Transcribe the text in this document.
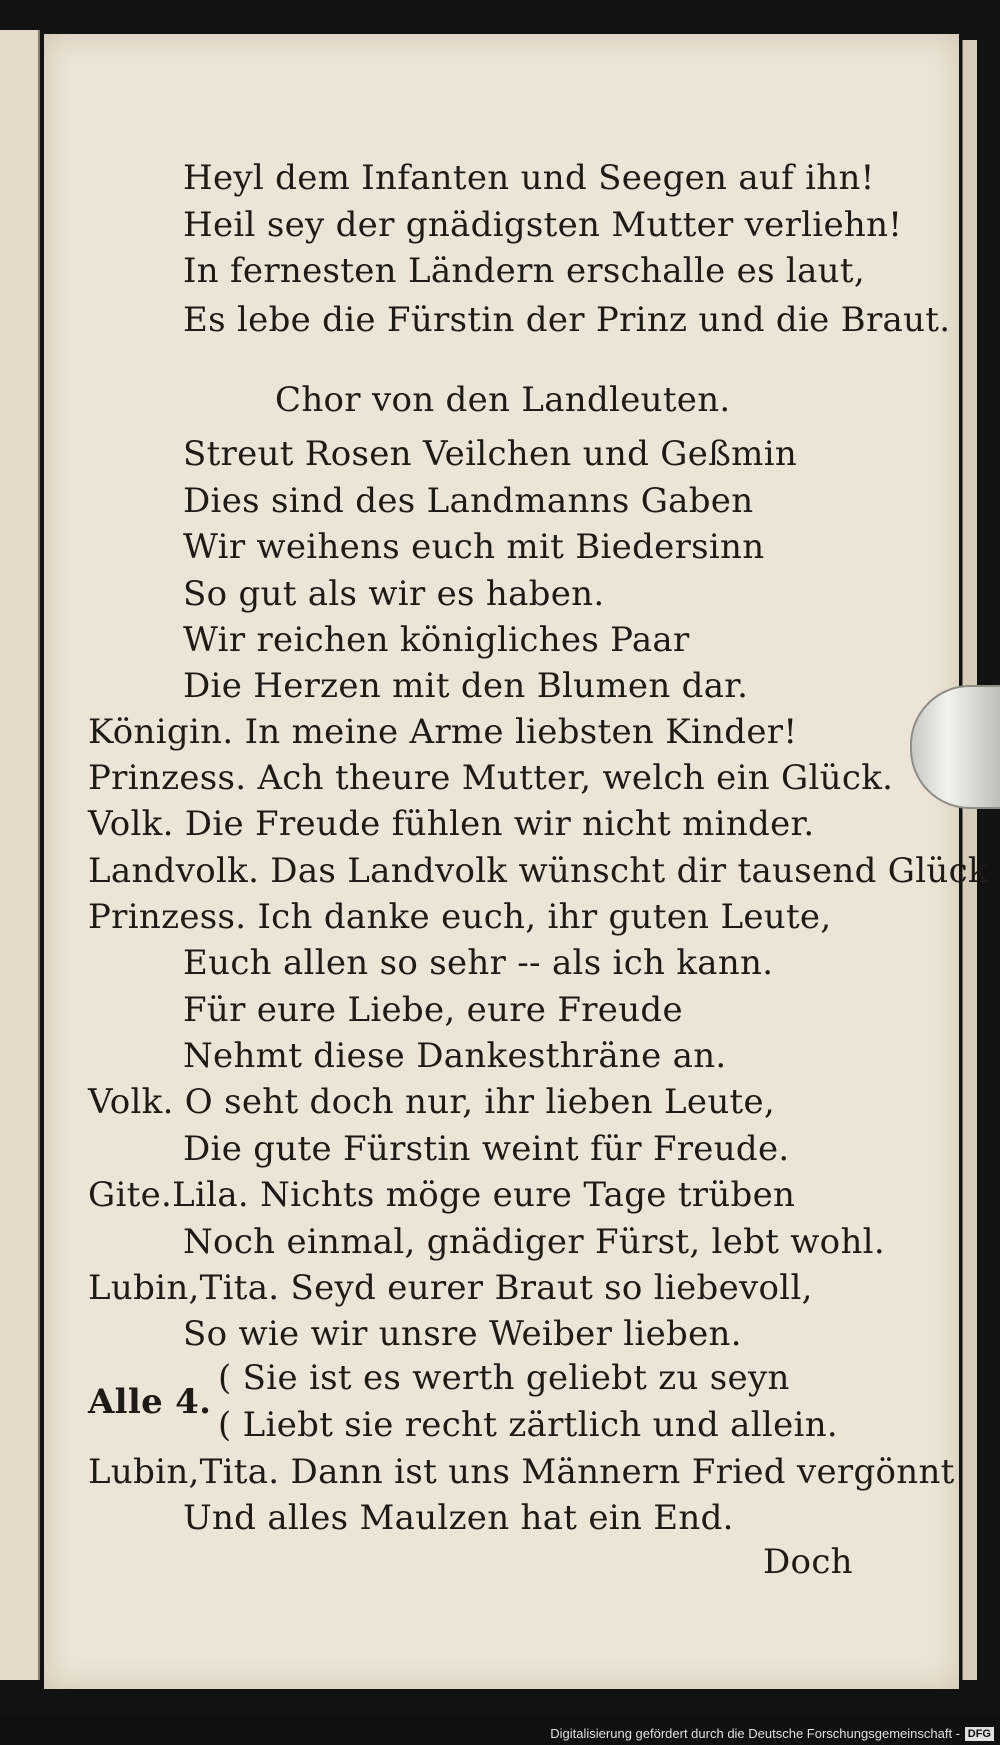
Heyl dem Infanten und Seegen auf ihn!
Heil sey der gnädigsten Mutter verliehn!
In fernesten Ländern erschalle es laut,
Es lebe die Fürstin der Prinz und die Braut.
Chor von den Landleuten.
Streut Rosen Veilchen und Geßmin
Dies sind des Landmanns Gaben
Wir weihens euch mit Biedersinn
So gut als wir es haben.
Wir reichen königliches Paar
Die Herzen mit den Blumen dar.
Königin. In meine Arme liebsten Kinder!
Prinzess. Ach theure Mutter, welch ein Glück.
Volk. Die Freude fühlen wir nicht minder.
Landvolk. Das Landvolk wünscht dir tausend Glück
Prinzess. Ich danke euch, ihr guten Leute,
Euch allen so sehr -- als ich kann.
Für eure Liebe, eure Freude
Nehmt diese Dankesthräne an.
Volk. O seht doch nur, ihr lieben Leute,
Die gute Fürstin weint für Freude.
Gite.Lila. Nichts möge eure Tage trüben
Noch einmal, gnädiger Fürst, lebt wohl.
Lubin,Tita. Seyd eurer Braut so liebevoll,
So wie wir unsre Weiber lieben.
( Sie ist es werth geliebt zu seyn
Alle 4.
( Liebt sie recht zärtlich und allein.
Lubin,Tita. Dann ist uns Männern Fried vergönnt
Und alles Maulzen hat ein End.
Doch
Digitalisierung gefördert durch die Deutsche Forschungsgemeinschaft - DFG
